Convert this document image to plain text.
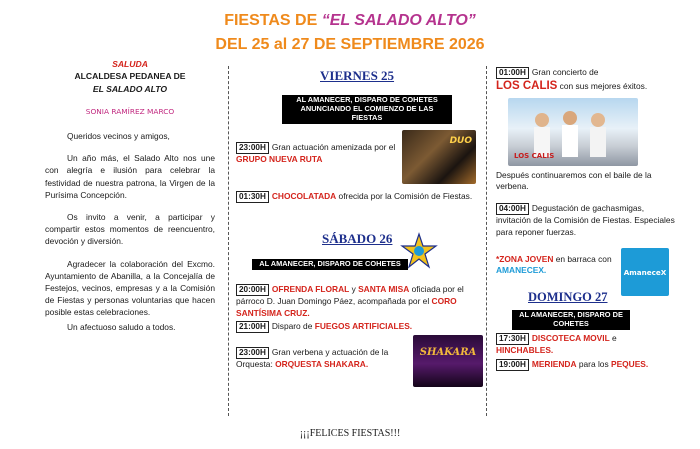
FIESTAS DE “EL SALADO ALTO”
DEL 25 al 27 DE SEPTIEMBRE 2026
SALUDA
ALCALDESA PEDANEA DE
EL SALADO ALTO
SONIA RAMÍREZ MARCO
Queridos vecinos y amigos,
Un año más, el Salado Alto nos une con alegría e ilusión para celebrar la festividad de nuestra patrona, la Virgen de la Purísima Concepción.
Os invito a venir, a participar y compartir estos momentos de reencuentro, devoción y diversión.
Agradecer la colaboración del Excmo. Ayuntamiento de Abanilla, a la Concejalía de Festejos, vecinos, empresas y a la Comisión de Fiestas y personas voluntarias que hacen posible estas celebraciones.
Un afectuoso saludo a todos.
VIERNES 25
AL AMANECER, DISPARO DE COHETES ANUNCIANDO EL COMIENZO DE LAS FIESTAS
23:00H Gran actuación amenizada por el GRUPO NUEVA RUTA
DUO
01:30H CHOCOLATADA ofrecida por la Comisión de Fiestas.
SÁBADO 26
AL AMANECER, DISPARO DE COHETES
20:00H OFRENDA FLORAL y SANTA MISA oficiada por el párroco D. Juan Domingo Páez, acompañada por el CORO SANTÍSIMA CRUZ.
21:00H Disparo de FUEGOS ARTIFICIALES.
23:00H Gran verbena y actuación de la Orquesta: ORQUESTA SHAKARA.
SHAKARA
01:00H Gran concierto de
LOS CALIS con sus mejores éxitos.
LOS CALIS
Después continuaremos con el baile de la verbena.
04:00H Degustación de gachasmigas, invitación de la Comisión de Fiestas. Especiales para reponer fuerzas.
*ZONA JOVEN en barraca con AMANECEX.	AmaneceX
DOMINGO 27
AL AMANECER, DISPARO DE COHETES
17:30H DISCOTECA MOVIL e HINCHABLES.
19:00H MERIENDA para los PEQUES.
¡¡¡FELICES FIESTAS!!!
